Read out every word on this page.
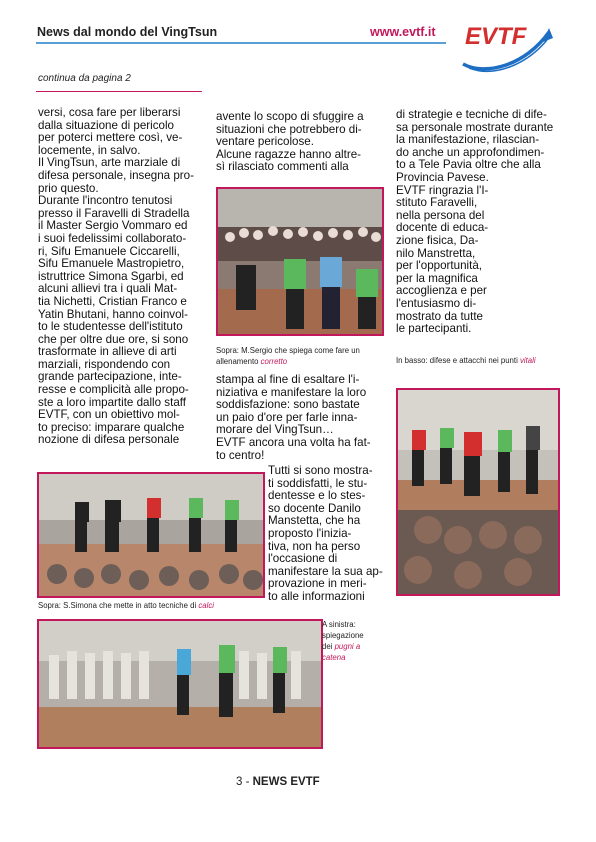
News dal mondo del VingTsun	www.evtf.it EVTF
continua da pagina 2
versi, cosa fare per liberarsi
dalla situazione di pericolo
per poterci mettere così, ve-
locemente, in salvo.
Il VingTsun, arte marziale di
difesa personale, insegna pro-
prio questo.
Durante l'incontro tenutosi
presso il Faravelli di Stradella
il Master Sergio Vommaro ed
i suoi fedelissimi collaborato-
ri, Sifu Emanuele Ciccarelli,
Sifu Emanuele Mastropietro,
istruttrice Simona Sgarbi, ed
alcuni allievi tra i quali Mat-
tia Nichetti, Cristian Franco e
Yatin Bhutani, hanno coinvol-
to le studentesse dell'istituto
che per oltre due ore, si sono
trasformate in allieve di arti
marziali, rispondendo con
grande partecipazione, inte-
resse e complicità alle propo-
ste a loro impartite dallo staff
EVTF, con un obiettivo mol-
to preciso: imparare qualche
nozione di difesa personale
avente lo scopo di sfuggire a
situazioni che potrebbero di-
ventare pericolose.
Alcune ragazze hanno altre-
sì rilasciato commenti alla
Sopra: M.Sergio che spiega come fare un allenamento corretto
stampa al fine di esaltare l'i-
niziativa e manifestare la loro
soddisfazione: sono bastate
un paio d'ore per farle inna-
morare del VingTsun…
EVTF ancora una volta ha fat-
to centro!
Tutti si sono mostra-
ti soddisfatti, le stu-
dentesse e lo stes-
so docente Danilo
Manstetta, che ha
proposto l'inizia-
tiva, non ha perso
l'occasione di
manifestare la sua ap-
provazione in meri-
to alle informazioni
di strategie e tecniche di dife-
sa personale mostrate durante
la manifestazione, rilascian-
do anche un approfondimen-
to a Tele Pavia oltre che alla
Provincia Pavese.
EVTF ringrazia l'I-
stituto Faravelli,
nella persona del
docente di educa-
zione fisica, Da-
nilo Manstretta,
per l'opportunità,
per la magnifica
accoglienza e per
l'entusiasmo di-
mostrato da tutte
le partecipanti.
In basso: difese e attacchi nei punti vitali
Sopra: S.Simona che mette in atto tecniche di calci
A sinistra: spiegazione dei pugni a catena
3 - NEWS EVTF
